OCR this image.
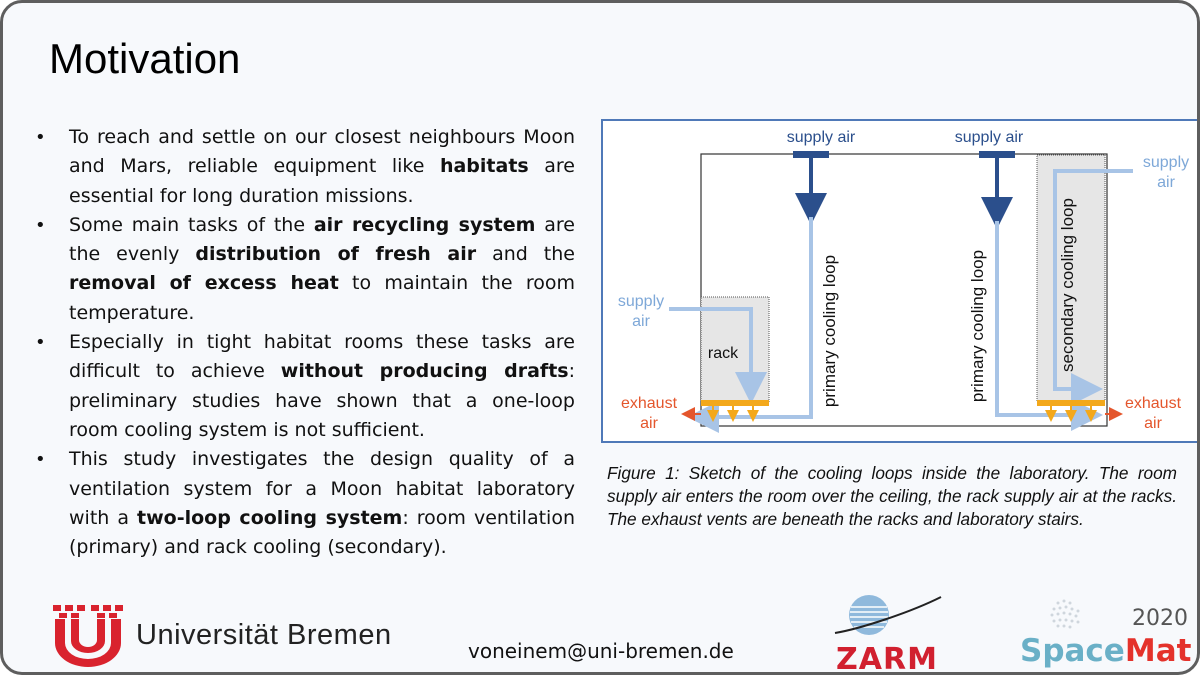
Motivation
• To reach and settle on our closest neighbours Moon and Mars, reliable equipment like habitats are essential for long duration missions.
• Some main tasks of the air recycling system are the evenly distribution of fresh air and the removal of excess heat to maintain the room temperature.
• Especially in tight habitat rooms these tasks are difficult to achieve without producing drafts: preliminary studies have shown that a one-loop room cooling system is not sufficient.
• This study investigates the design quality of a ventilation system for a Moon habitat laboratory with a two-loop cooling system: room ventilation (primary) and rack cooling (secondary).
supply air	supply air
supply
air
supply
air
rack	primary cooling loop	primary cooling loop	secondary cooling loop
exhaust
air
exhaust
air

Figure 1: Sketch of the cooling loops inside the laboratory. The room supply air enters the room over the ceiling, the rack supply air at the racks. The exhaust vents are beneath the racks and laboratory stairs.

Universität Bremen	voneinem@uni-bremen.de	ZARM
2020
SpaceMat
